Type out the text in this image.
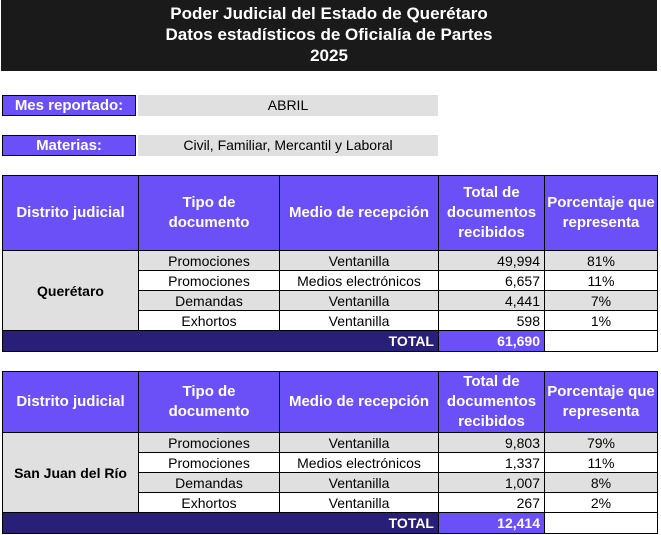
Poder Judicial del Estado de Querétaro
Datos estadísticos de Oficialía de Partes
2025
Mes reportado:	ABRIL
Materias:	Civil, Familiar, Mercantil y Laboral
Distrito judicial	Tipo de documento	Medio de recepción	Total de documentos recibidos	Porcentaje que representa
Querétaro	Promociones	Ventanilla	49,994	81%
	Promociones	Medios electrónicos	6,657	11%
	Demandas	Ventanilla	4,441	7%
	Exhortos	Ventanilla	598	1%
TOTAL			61,690	
Distrito judicial	Tipo de documento	Medio de recepción	Total de documentos recibidos	Porcentaje que representa
San Juan del Río	Promociones	Ventanilla	9,803	79%
	Promociones	Medios electrónicos	1,337	11%
	Demandas	Ventanilla	1,007	8%
	Exhortos	Ventanilla	267	2%
TOTAL			12,414	
